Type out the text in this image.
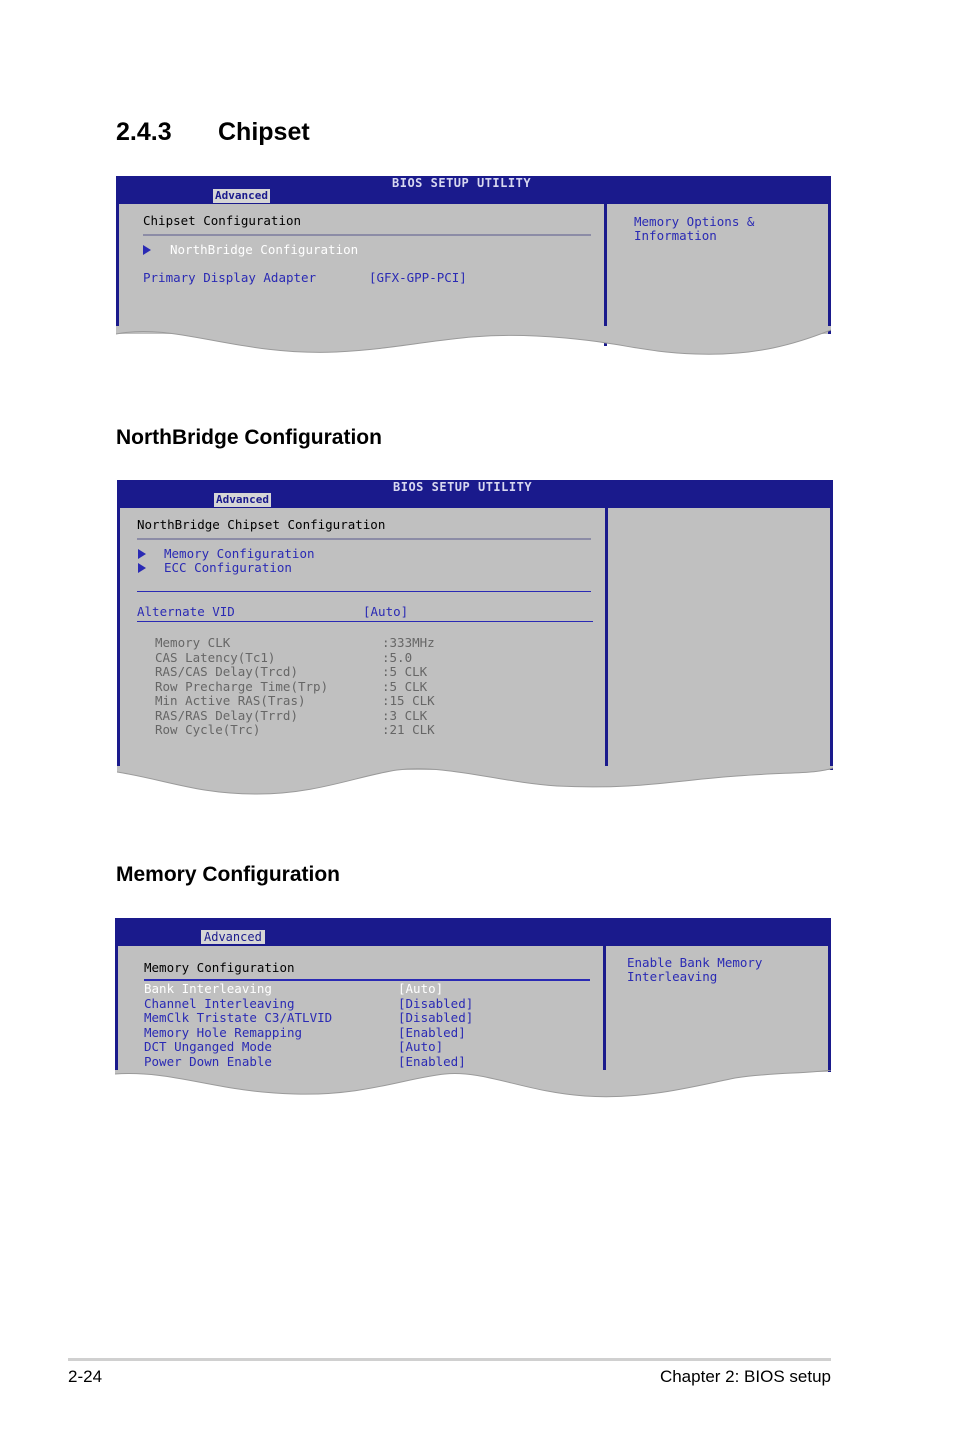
2.4.3 Chipset
BIOS SETUP UTILITY
Advanced

Chipset Configuration

NorthBridge Configuration

Primary Display Adapter	[GFX-GPP-PCI]

Memory Options &

Information

NorthBridge Configuration
BIOS SETUP UTILITY
Advanced

NorthBridge Chipset Configuration

Memory Configuration

ECC Configuration

Alternate VID	[Auto]

Memory CLK	:333MHz

CAS Latency(Tc1)	:5.0

RAS/CAS Delay(Trcd)	:5 CLK

Row Precharge Time(Trp)	:5 CLK

Min Active RAS(Tras)	:15 CLK

RAS/RAS Delay(Trrd)	:3 CLK

Row Cycle(Trc)	:21 CLK

Memory Configuration
Advanced

Memory Configuration

Bank Interleaving	[Auto]

Channel Interleaving	[Disabled]

MemClk Tristate C3/ATLVID	[Disabled]

Memory Hole Remapping	[Enabled]

DCT Unganged Mode	[Auto]

Power Down Enable	[Enabled]

Enable Bank Memory

Interleaving

2-24	Chapter 2: BIOS setup
